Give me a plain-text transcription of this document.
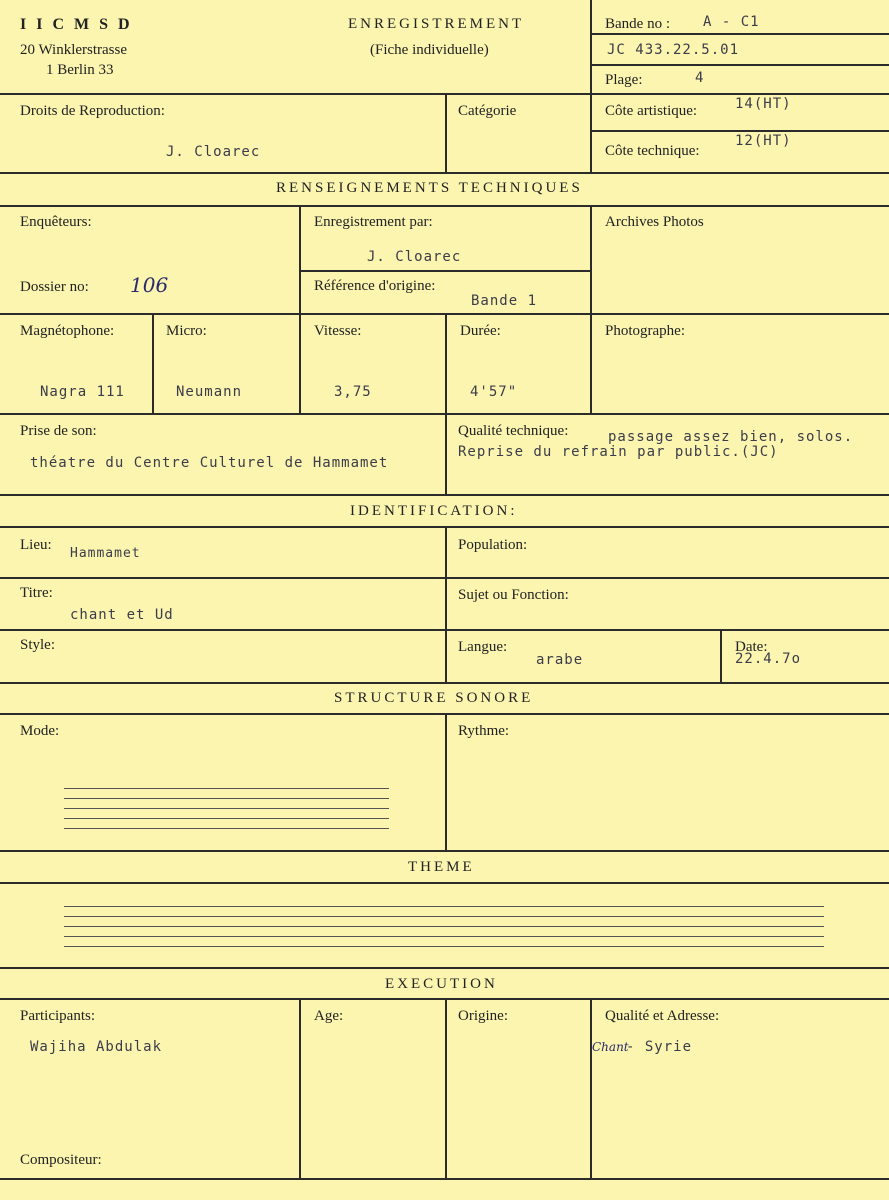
I I C M S D
20 Winklerstrasse
1 Berlin 33
ENREGISTREMENT
(Fiche individuelle)
Bande no : A - C1
JC 433.22.5.01
Plage:	4
Droits de Reproduction:
J. Cloarec
Catégorie	Côte artistique:	14(HT)
Côte technique:
12(HT)
RENSEIGNEMENTS TECHNIQUES
Enquêteurs:	Enregistrement par:
J. Cloarec
Archives Photos
Dossier no: 106	Référence d'origine:
Bande 1
Magnétophone:	Micro:	Vitesse:	Durée:	Photographe:
Nagra 111	Neumann	3,75	4'57"
Prise de son:
théatre du Centre Culturel de Hammamet
Qualité technique:	passage assez bien, solos.
Reprise du refrain par public.(JC)
IDENTIFICATION:
Lieu:
Hammamet
Population:
Titre:
chant et Ud
Sujet ou Fonction:
Style:	Langue:
arabe
Date:
22.4.7o
STRUCTURE SONORE
Mode:	Rythme:
THEME
EXECUTION
Participants:
Wajiha Abdulak
Age:	Origine:	Qualité et Adresse:
Chant
- Syrie
Compositeur:
